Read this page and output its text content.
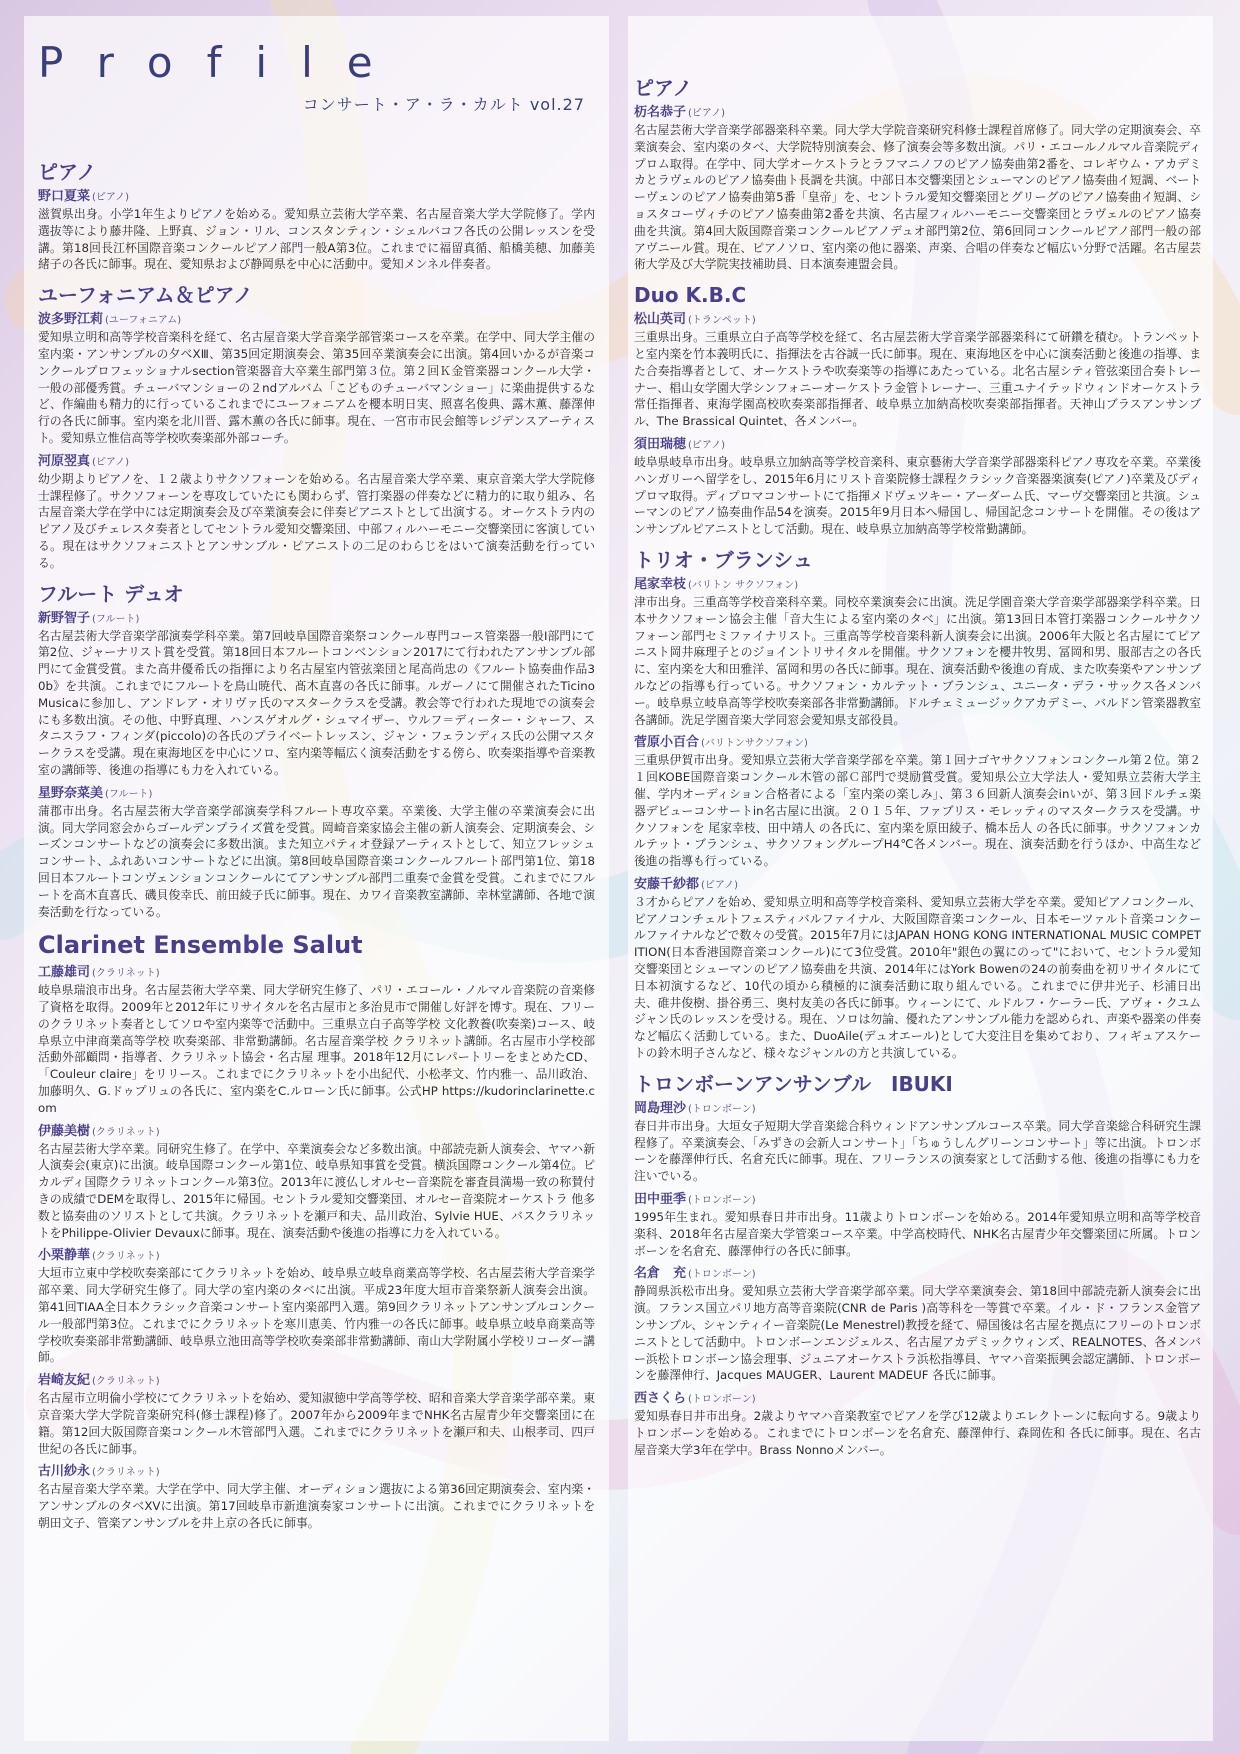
Profile
コンサート・ア・ラ・カルト vol.27
ピアノ
野口夏菜 (ピアノ)

滋賀県出身。小学1年生よりピアノを始める。愛知県立芸術大学卒業、名古屋音楽大学大学院修了。学内選抜等により藤井隆、上野真、ジョン・リル、コンスタンティン・シェルバコフ各氏の公開レッスンを受講。第18回長江杯国際音楽コンクールピアノ部門一般A第3位。これまでに福留真循、船橋美穂、加藤美緒子の各氏に師事。現在、愛知県および静岡県を中心に活動中。愛知メンネル伴奏者。

ユーフォニアム＆ピアノ
波多野江莉 (ユーフォニアム)

愛知県立明和高等学校音楽科を経て、名古屋音楽大学音楽学部管楽コースを卒業。在学中、同大学主催の室内楽・アンサンブルの夕べXⅢ、第35回定期演奏会、第35回卒業演奏会に出演。第4回いかるが音楽コンクールプロフェッショナルsection管楽器音大卒業生部門第３位。第２回Ｋ金管楽器コンクール大学・一般の部優秀賞。チューバマンショーの２ndアルバム「こどものチューバマンショー」に楽曲提供するなど、作編曲も精力的に行っているこれまでにユーフォニアムを櫻本明日実、照喜名俊典、露木薫、藤澤伸行の各氏に師事。室内楽を北川晋、露木薫の各氏に師事。現在、一宮市市民会館等レジデンスアーティスト。愛知県立惟信高等学校吹奏楽部外部コーチ。

河原翌真 (ピアノ)

幼少期よりピアノを、１２歳よりサクソフォーンを始める。名古屋音楽大学卒業、東京音楽大学大学院修士課程修了。サクソフォーンを専攻していたにも関わらず、管打楽器の伴奏などに精力的に取り組み、名古屋音楽大学在学中には定期演奏会及び卒業演奏会に伴奏ピアニストとして出演する。オーケストラ内のピアノ及びチェレスタ奏者としてセントラル愛知交響楽団、中部フィルハーモニー交響楽団に客演している。現在はサクソフォニストとアンサンブル・ピアニストの二足のわらじをはいて演奏活動を行っている。

フルート デュオ
新野智子 (フルート)

名古屋芸術大学音楽学部演奏学科卒業。第7回岐阜国際音楽祭コンクール専門コース管楽器一般Ⅰ部門にて第2位、ジャーナリスト賞を受賞。第18回日本フルートコンベンション2017にて行われたアンサンブル部門にて金賞受賞。また高井優希氏の指揮により名古屋室内管弦楽団と尾高尚忠の《フルート協奏曲作品30b》を共演。これまでにフルートを鳥山暁代、髙木直喜の各氏に師事。ルガーノにて開催されたTicino Musicaに参加し、アンドレア・オリヴァ氏のマスタークラスを受講。教会等で行われた現地での演奏会にも多数出演。その他、中野真理、ハンスゲオルグ・シュマイザー、ウルフ＝ディーター・シャーフ、スタニスラフ・フィンダ(piccolo)の各氏のプライベートレッスン、ジャン・フェランディス氏の公開マスタークラスを受講。現在東海地区を中心にソロ、室内楽等幅広く演奏活動をする傍ら、吹奏楽指導や音楽教室の講師等、後進の指導にも力を入れている。

星野奈菜美 (フルート)

蒲郡市出身。名古屋芸術大学音楽学部演奏学科フルート専攻卒業。卒業後、大学主催の卒業演奏会に出演。同大学同窓会からゴールデンプライズ賞を受賞。岡崎音楽家協会主催の新人演奏会、定期演奏会、シーズンコンサートなどの演奏会に多数出演。また知立パティオ登録アーティストとして、知立フレッシュコンサート、ふれあいコンサートなどに出演。第8回岐阜国際音楽コンクールフルート部門第1位、第18回日本フルートコンヴェンションコンクールにてアンサンブル部門二重奏で金賞を受賞。これまでにフルートを高木直喜氏、磯貝俊幸氏、前田綾子氏に師事。現在、カワイ音楽教室講師、幸林堂講師、各地で演奏活動を行なっている。

Clarinet Ensemble Salut
工藤雄司 (クラリネット)

岐阜県瑞浪市出身。名古屋芸術大学卒業、同大学研究生修了、パリ・エコール・ノルマル音楽院の音楽修了資格を取得。2009年と2012年にリサイタルを名古屋市と多治見市で開催し好評を博す。現在、フリーのクラリネット奏者としてソロや室内楽等で活動中。三重県立白子高等学校 文化教養(吹奏楽)コース、岐阜県立中津商業高等学校 吹奏楽部、非常勤講師。名古屋音楽学校 クラリネット講師。名古屋市小学校部活動外部顧問・指導者、クラリネット協会・名古屋 理事。2018年12月にレパートリーをまとめたCD、「Couleur claire」をリリース。これまでにクラリネットを小出紀代、小松孝文、竹内雅一、品川政治、加藤明久、G.ドゥプリュの各氏に、室内楽をC.ルローン氏に師事。公式HP https://kudorinclarinette.com

伊藤美樹 (クラリネット)

名古屋芸術大学卒業。同研究生修了。在学中、卒業演奏会など多数出演。中部読売新人演奏会、ヤマハ新人演奏会(東京)に出演。岐阜国際コンクール第1位、岐阜県知事賞を受賞。横浜国際コンクール第4位。ピカルディ国際クラリネットコンクール第3位。2013年に渡仏しオルセー音楽院を審査員満場一致の称賛付きの成績でDEMを取得し、2015年に帰国。セントラル愛知交響楽団、オルセー音楽院オーケストラ 他多数と協奏曲のソリストとして共演。クラリネットを瀬戸和夫、品川政治、Sylvie HUE、バスクラリネットをPhilippe-Olivier Devauxに師事。現在、演奏活動や後進の指導に力を入れている。

小栗静華 (クラリネット)

大垣市立東中学校吹奏楽部にてクラリネットを始め、岐阜県立岐阜商業高等学校、名古屋芸術大学音楽学部卒業、同大学研究生修了。同大学の室内楽のタベに出演。平成23年度大垣市音楽祭新人演奏会出演。第41回TIAA全日本クラシック音楽コンサート室内楽部門入選。第9回クラリネットアンサンブルコンクール一般部門第3位。これまでにクラリネットを寒川恵美、竹内雅一の各氏に師事。岐阜県立岐阜商業高等学校吹奏楽部非常勤講師、岐阜県立池田高等学校吹奏楽部非常勤講師、南山大学附属小学校リコーダー講師。

岩崎友紀 (クラリネット)

名古屋市立明倫小学校にてクラリネットを始め、愛知淑徳中学高等学校、昭和音楽大学音楽学部卒業。東京音楽大学大学院音楽研究科(修士課程)修了。2007年から2009年までNHK名古屋青少年交響楽団に在籍。第12回大阪国際音楽コンクール木管部門入選。これまでにクラリネットを瀬戸和夫、山根孝司、四戸世紀の各氏に師事。

古川紗永 (クラリネット)

名古屋音楽大学卒業。大学在学中、同大学主催、オーディション選抜による第36回定期演奏会、室内楽・アンサンブルのタベXVに出演。第17回岐阜市新進演奏家コンサートに出演。これまでにクラリネットを朝田文子、管楽アンサンブルを井上京の各氏に師事。

ピアノ
杤名恭子 (ピアノ)

名古屋芸術大学音楽学部器楽科卒業。同大学大学院音楽研究科修士課程首席修了。同大学の定期演奏会、卒業演奏会、室内楽のタベ、大学院特別演奏会、修了演奏会等多数出演。パリ・エコールノルマル音楽院ディプロム取得。在学中、同大学オーケストラとラフマニノフのピアノ協奏曲第2番を、コレギウム・アカデミカとラヴェルのピアノ協奏曲ト長調を共演。中部日本交響楽団とシューマンのピアノ協奏曲イ短調、ベートーヴェンのピアノ協奏曲第5番「皇帝」を、セントラル愛知交響楽団とグリーグのピアノ協奏曲イ短調、ショスタコーヴィチのピアノ協奏曲第2番を共演、名古屋フィルハーモニー交響楽団とラヴェルのピアノ協奏曲を共演。第4回大阪国際音楽コンクールピアノデュオ部門第2位、第6回同コンクールピアノ部門一般の部アヴニール賞。現在、ピアノソロ、室内楽の他に器楽、声楽、合唱の伴奏など幅広い分野で活躍。名古屋芸術大学及び大学院実技補助員、日本演奏連盟会員。

Duo K.B.C
松山英司 (トランペット)

三重県出身。三重県立白子高等学校を経て、名古屋芸術大学音楽学部器楽科にて研鑽を積む。トランペットと室内楽を竹本義明氏に、指揮法を古谷誠一氏に師事。現在、東海地区を中心に演奏活動と後進の指導、また合奏指導者として、オーケストラや吹奏楽等の指導にあたっている。北名古屋シティ管弦楽団合奏トレーナー、椙山女学園大学シンフォニーオーケストラ金管トレーナー、三重ユナイテッドウィンドオーケストラ常任指揮者、東海学園高校吹奏楽部指揮者、岐阜県立加納高校吹奏楽部指揮者。天神山ブラスアンサンブル、The Brassical Quintet、各メンバー。

須田瑞穂 (ピアノ)

岐阜県岐阜市出身。岐阜県立加納高等学校音楽科、東京藝術大学音楽学部器楽科ピアノ専攻を卒業。卒業後ハンガリーへ留学をし、2015年6月にリスト音楽院修士課程クラシック音楽器楽演奏(ピアノ)卒業及びディプロマ取得。ディプロマコンサートにて指揮メドヴェツキー・アーダーム氏、マーヴ交響楽団と共演。シューマンのピアノ協奏曲作品54を演奏。2015年9月日本へ帰国し、帰国記念コンサートを開催。その後はアンサンブルピアニストとして活動。現在、岐阜県立加納高等学校常勤講師。

トリオ・ブランシュ
尾家幸枝 (バリトン サクソフォン)

津市出身。三重高等学校音楽科卒業。同校卒業演奏会に出演。洗足学園音楽大学音楽学部器楽学科卒業。日本サクソフォーン協会主催「音大生による室内楽のタベ」に出演。第13回日本管打楽器コンクールサクソフォーン部門セミファイナリスト。三重高等学校音楽科新人演奏会に出演。2006年大阪と名古屋にてピアニスト岡井麻理子とのジョイントリサイタルを開催。サクソフォンを櫻井牧男、冨岡和男、服部吉之の各氏に、室内楽を大和田雅洋、冨岡和男の各氏に師事。現在、演奏活動や後進の育成、また吹奏楽やアンサンブルなどの指導も行っている。サクソフォン・カルテット・ブランシュ、ユニータ・デラ・サックス各メンバー。岐阜県立岐阜高等学校吹奏楽部各非常勤講師。ドルチェミュージックアカデミー、バルドン管楽器教室各講師。洗足学園音楽大学同窓会愛知県支部役員。

菅原小百合 (バリトンサクソフォン)

三重県伊賀市出身。愛知県立芸術大学音楽学部を卒業。第１回ナゴヤサクソフォンコンクール第２位。第２１回KOBE国際音楽コンクール木管の部Ｃ部門で奨励賞受賞。愛知県公立大学法人・愛知県立芸術大学主催、学内オーディション合格者による「室内楽の楽しみ」、第３６回新人演奏会inいが、第３回ドルチェ楽器デビューコンサートin名古屋に出演。２０１５年、ファブリス・モレッティのマスタークラスを受講。サクソフォンを 尾家幸枝、田中靖人 の各氏に、室内楽を原田綾子、橋本岳人 の各氏に師事。サクソフォンカルテット・ブランシュ、サクソフォングループH4℃各メンバー。現在、演奏活動を行うほか、中高生など後進の指導も行っている。

安藤千紗都 (ピアノ)

３才からピアノを始め、愛知県立明和高等学校音楽科、愛知県立芸術大学を卒業。愛知ピアノコンクール、ピアノコンチェルトフェスティバルファイナル、大阪国際音楽コンクール、日本モーツァルト音楽コンクールファイナルなどで数々の受賞。2015年7月にはJAPAN HONG KONG INTERNATIONAL MUSIC COMPETITION(日本香港国際音楽コンクール)にて3位受賞。2010年"銀色の翼にのって"において、セントラル愛知交響楽団とシューマンのピアノ協奏曲を共演、2014年にはYork Bowenの24の前奏曲を初リサイタルにて日本初演するなど、10代の頃から積極的に演奏活動に取り組んでいる。これまでに伊井光子、杉浦日出夫、碓井俊樹、掛谷勇三、奥村友美の各氏に師事。ウィーンにて、ルドルフ・ケーラー氏、アヴォ・クユムジャン氏のレッスンを受ける。現在、ソロは勿論、優れたアンサンブル能力を認められ、声楽や器楽の伴奏など幅広く活動している。また、DuoAile(デュオエール)として大変注目を集めており、フィギュアスケートの鈴木明子さんなど、様々なジャンルの方と共演している。

トロンボーンアンサンブル　IBUKI
岡島理沙 (トロンボーン)

春日井市出身。大垣女子短期大学音楽総合科ウィンドアンサンブルコース卒業。同大学音楽総合科研究生課程修了。卒業演奏会、「みずきの会新人コンサート」「ちゅうしんグリーンコンサート」等に出演。トロンボーンを藤澤伸行氏、名倉充氏に師事。現在、フリーランスの演奏家として活動する他、後進の指導にも力を注いでいる。

田中亜季 (トロンボーン)

1995年生まれ。愛知県春日井市出身。11歳よりトロンボーンを始める。2014年愛知県立明和高等学校音楽科、2018年名古屋音楽大学管楽コース卒業。中学高校時代、NHK名古屋青少年交響楽団に所属。トロンボーンを名倉充、藤澤伸行の各氏に師事。

名倉　充 (トロンボーン)

静岡県浜松市出身。愛知県立芸術大学音楽学部卒業。同大学卒業演奏会、第18回中部読売新人演奏会に出演。フランス国立パリ地方高等音楽院(CNR de Paris )高等科を一等賞で卒業。イル・ド・フランス金管アンサンブル、シャンティイー音楽院(Le Menestrel)教授を経て、帰国後は名古屋を拠点にフリーのトロンボニストとして活動中。トロンボーンエンジェルス、名古屋アカデミックウィンズ、REALNOTES、各メンバー浜松トロンボーン協会理事、ジュニアオーケストラ浜松指導員、ヤマハ音楽振興会認定講師、トロンボーンを藤澤伸行、Jacques MAUGER、Laurent MADEUF 各氏に師事。

西さくら (トロンボーン)

愛知県春日井市出身。2歳よりヤマハ音楽教室でピアノを学び12歳よりエレクトーンに転向する。9歳よりトロンボーンを始める。これまでにトロンボーンを名倉充、藤澤伸行、森岡佐和 各氏に師事。現在、名古屋音楽大学3年在学中。Brass Nonnoメンバー。
